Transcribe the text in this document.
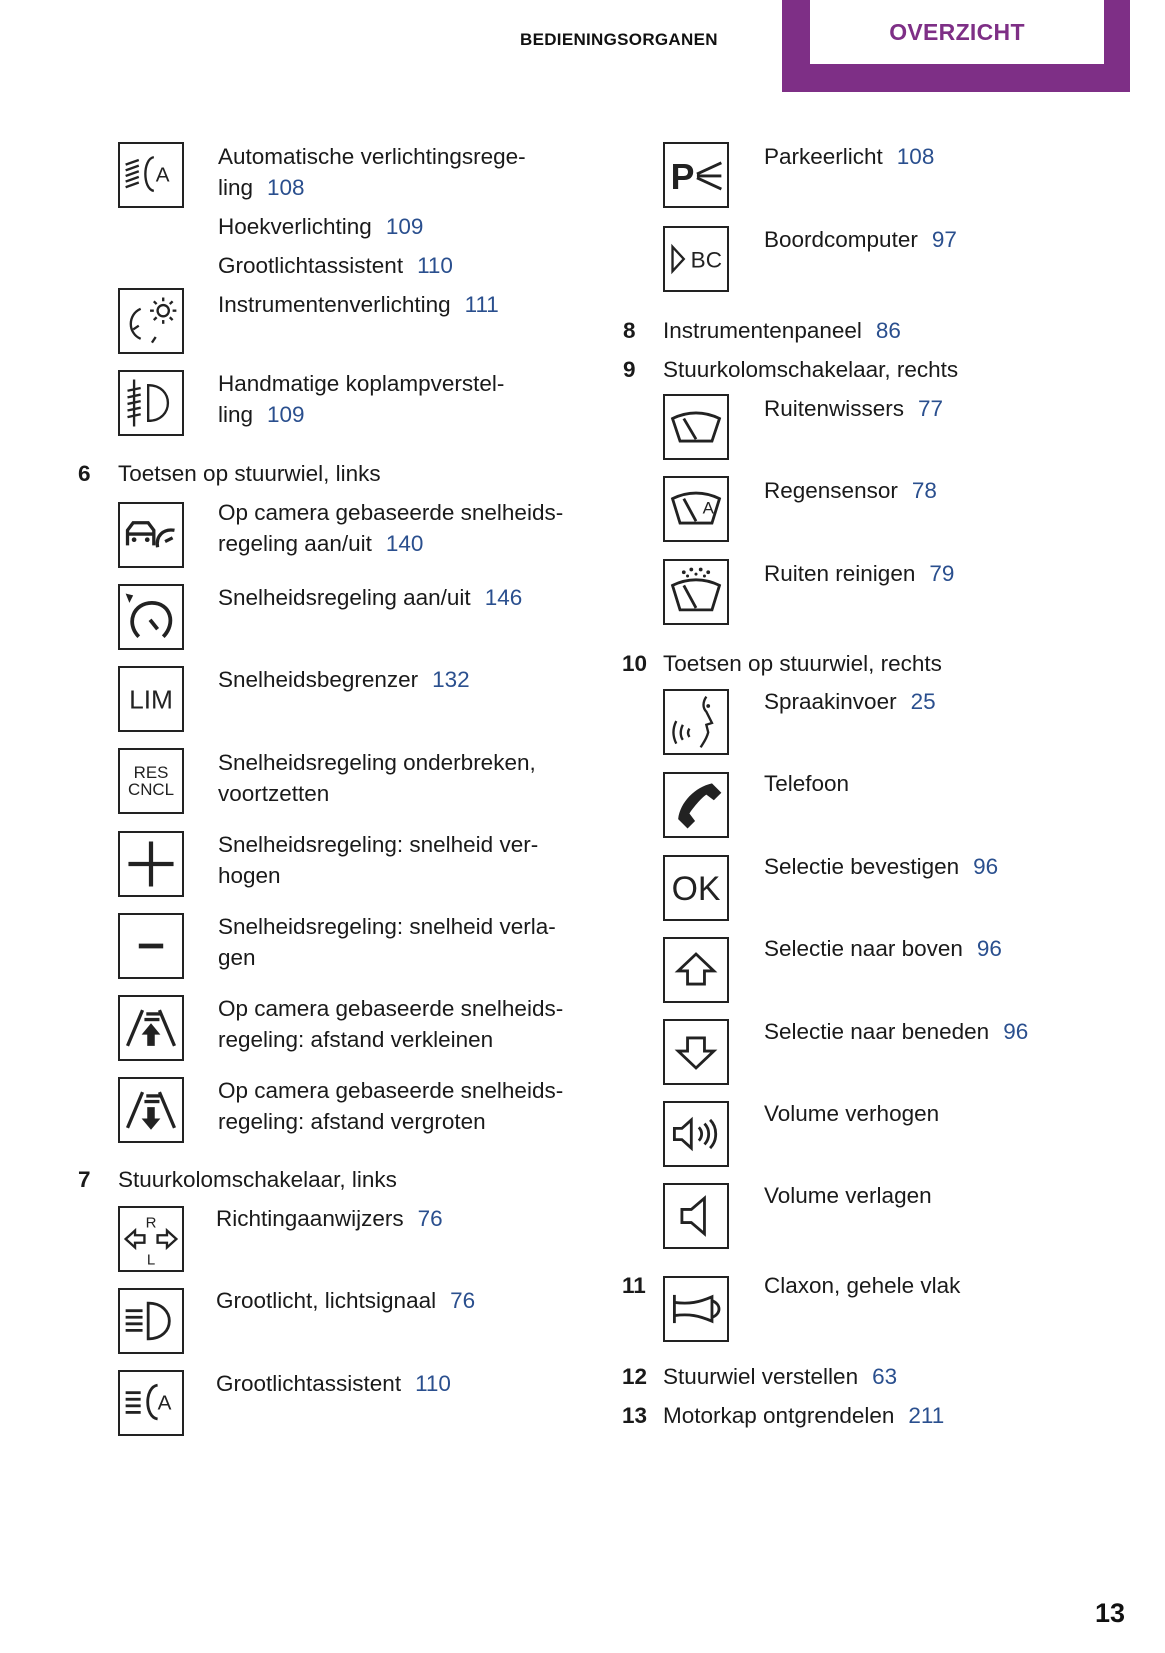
BEDIENINGSORGANEN	OVERZICHT
A
Automatische verlichtingsrege-
ling 108
Hoekverlichting 109
Grootlichtassistent 110
Instrumentenverlichting 111
Handmatige koplampverstel-
ling 109
6 Toetsen op stuurwiel, links
Op camera gebaseerde snelheids-
regeling aan/uit 140
Snelheidsregeling aan/uit 146
LIM
Snelheidsbegrenzer 132
RES
CNCL
Snelheidsregeling onderbreken,
voortzetten
Snelheidsregeling: snelheid ver-
hogen
Snelheidsregeling: snelheid verla-
gen
Op camera gebaseerde snelheids-
regeling: afstand verkleinen
Op camera gebaseerde snelheids-
regeling: afstand vergroten
7 Stuurkolomschakelaar, links
R
L
Richtingaanwijzers 76
Grootlicht, lichtsignaal 76
A
Grootlichtassistent 110
P
Parkeerlicht 108
BC
Boordcomputer 97
8 Instrumentenpaneel 86
9 Stuurkolomschakelaar, rechts
Ruitenwissers 77
A
Regensensor 78
Ruiten reinigen 79
10 Toetsen op stuurwiel, rechts
Spraakinvoer 25
Telefoon
OK
Selectie bevestigen 96
Selectie naar boven 96
Selectie naar beneden 96
Volume verhogen
Volume verlagen
11	Claxon, gehele vlak
12 Stuurwiel verstellen 63
13 Motorkap ontgrendelen 211
13
